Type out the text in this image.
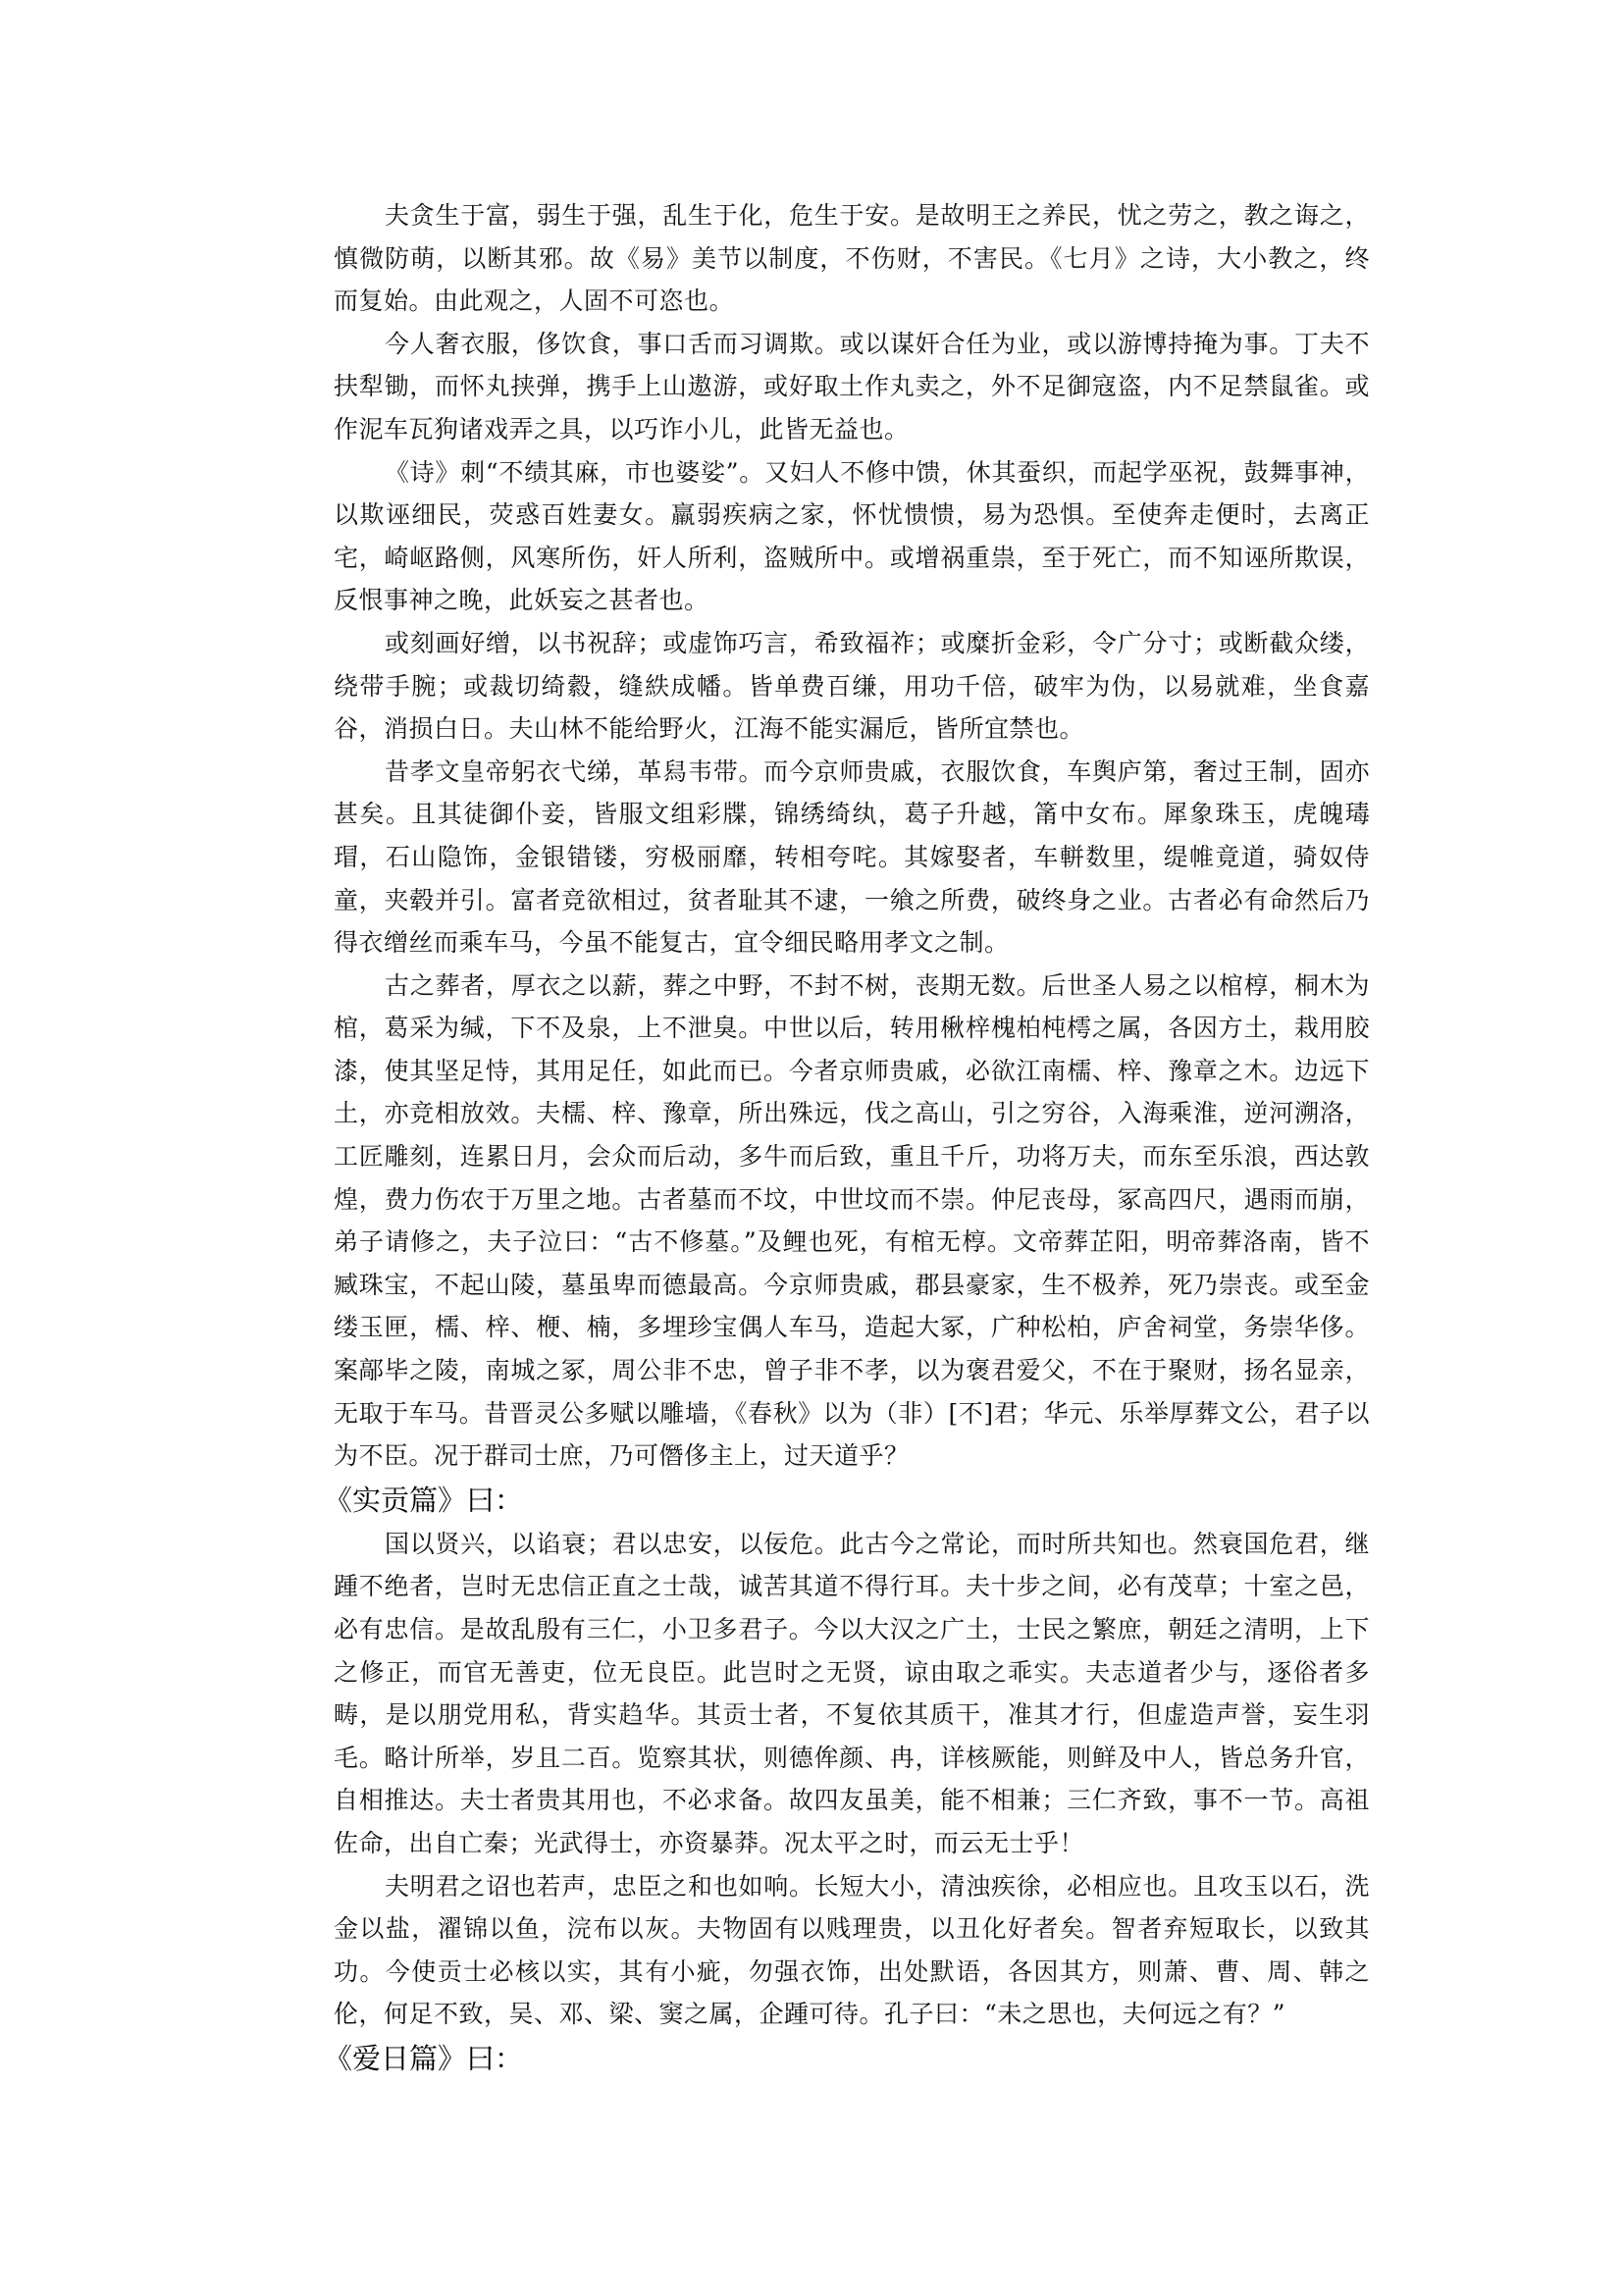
夫贪生于富，弱生于强，乱生于化，危生于安。是故明王之养民，忧之劳之，教之诲之，慎微防萌，以断其邪。故《易》美节以制度，不伤财，不害民。《七月》之诗，大小教之，终而复始。由此观之，人固不可恣也。

今人奢衣服，侈饮食，事口舌而习调欺。或以谋奸合任为业，或以游博持掩为事。丁夫不扶犁锄，而怀丸挟弹，携手上山遨游，或好取土作丸卖之，外不足御寇盗，内不足禁鼠雀。或作泥车瓦狗诸戏弄之具，以巧诈小儿，此皆无益也。

《诗》刺“不绩其麻，市也婆娑”。又妇人不修中馈，休其蚕织，而起学巫祝，鼓舞事神，以欺诬细民，荧惑百姓妻女。羸弱疾病之家，怀忧愦愦，易为恐惧。至使奔走便时，去离正宅，崎岖路侧，风寒所伤，奸人所利，盗贼所中。或增祸重祟，至于死亡，而不知诬所欺误，反恨事神之晚，此妖妄之甚者也。

或刻画好缯，以书祝辞；或虚饰巧言，希致福祚；或糜折金彩，令广分寸；或断截众缕，绕带手腕；或裁切绮縠，缝紩成幡。皆单费百缣，用功千倍，破牢为伪，以易就难，坐食嘉谷，消损白日。夫山林不能给野火，江海不能实漏卮，皆所宜禁也。

昔孝文皇帝躬衣弋绨，革舄韦带。而今京师贵戚，衣服饮食，车舆庐第，奢过王制，固亦甚矣。且其徒御仆妾，皆服文组彩牒，锦绣绮纨，葛子升越，筩中女布。犀象珠玉，虎魄瑇瑁，石山隐饰，金银错镂，穷极丽靡，转相夸咤。其嫁娶者，车軿数里，缇帷竟道，骑奴侍童，夹毂并引。富者竞欲相过，贫者耻其不逮，一飨之所费，破终身之业。古者必有命然后乃得衣缯丝而乘车马，今虽不能复古，宜令细民略用孝文之制。

古之葬者，厚衣之以薪，葬之中野，不封不树，丧期无数。后世圣人易之以棺椁，桐木为棺，葛采为缄，下不及泉，上不泄臭。中世以后，转用楸梓槐柏杶樗之属，各因方土，栽用胶漆，使其坚足恃，其用足任，如此而已。今者京师贵戚，必欲江南檽、梓、豫章之木。边远下土，亦竞相放效。夫檽、梓、豫章，所出殊远，伐之高山，引之穷谷，入海乘淮，逆河溯洛，工匠雕刻，连累日月，会众而后动，多牛而后致，重且千斤，功将万夫，而东至乐浪，西达敦煌，费力伤农于万里之地。古者墓而不坟，中世坟而不崇。仲尼丧母，冢高四尺，遇雨而崩，弟子请修之，夫子泣曰：“古不修墓。”及鲤也死，有棺无椁。文帝葬芷阳，明帝葬洛南，皆不臧珠宝，不起山陵，墓虽卑而德最高。今京师贵戚，郡县豪家，生不极养，死乃崇丧。或至金缕玉匣，檽、梓、楩、楠，多埋珍宝偶人车马，造起大冢，广种松柏，庐舍祠堂，务崇华侈。案鄗毕之陵，南城之冢，周公非不忠，曾子非不孝，以为褒君爱父，不在于聚财，扬名显亲，无取于车马。昔晋灵公多赋以雕墙，《春秋》以为（非）[不]君；华元、乐举厚葬文公，君子以为不臣。况于群司士庶，乃可僭侈主上，过天道乎？

《实贡篇》曰：

国以贤兴，以谄衰；君以忠安，以佞危。此古今之常论，而时所共知也。然衰国危君，继踵不绝者，岂时无忠信正直之士哉，诚苦其道不得行耳。夫十步之间，必有茂草；十室之邑，必有忠信。是故乱殷有三仁，小卫多君子。今以大汉之广土，士民之繁庶，朝廷之清明，上下之修正，而官无善吏，位无良臣。此岂时之无贤，谅由取之乖实。夫志道者少与，逐俗者多畴，是以朋党用私，背实趋华。其贡士者，不复依其质干，准其才行，但虚造声誉，妄生羽毛。略计所举，岁且二百。览察其状，则德侔颜、冉，详核厥能，则鲜及中人，皆总务升官，自相推达。夫士者贵其用也，不必求备。故四友虽美，能不相兼；三仁齐致，事不一节。高祖佐命，出自亡秦；光武得士，亦资暴莽。况太平之时，而云无士乎！

夫明君之诏也若声，忠臣之和也如响。长短大小，清浊疾徐，必相应也。且攻玉以石，洗金以盐，濯锦以鱼，浣布以灰。夫物固有以贱理贵，以丑化好者矣。智者弃短取长，以致其功。今使贡士必核以实，其有小疵，勿强衣饰，出处默语，各因其方，则萧、曹、周、韩之伦，何足不致，吴、邓、梁、窦之属，企踵可待。孔子曰：“未之思也，夫何远之有？”

《爱日篇》曰：
